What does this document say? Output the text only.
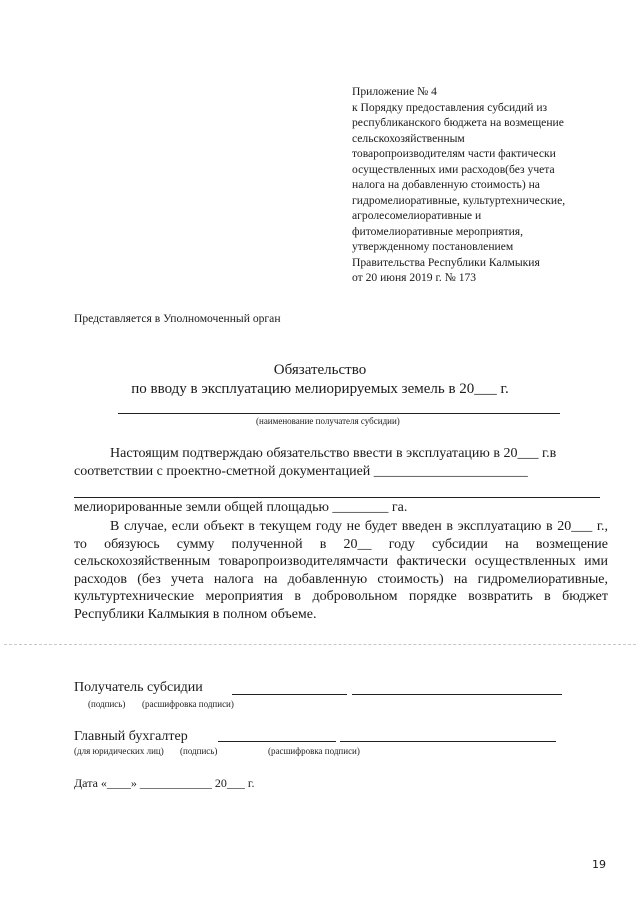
Приложение № 4
к Порядку предоставления субсидий из
республиканского бюджета на возмещение
сельскохозяйственным
товаропроизводителям части фактически
осуществленных ими расходов(без учета
налога на добавленную стоимость) на
гидромелиоративные, культуртехнические,
агролесомелиоративные и
фитомелиоративные мероприятия,
утвержденному постановлением
Правительства Республики Калмыкия
от 20 июня 2019 г. № 173
Представляется в Уполномоченный орган
Обязательство
по вводу в эксплуатацию мелиорируемых земель в 20___ г.
(наименование получателя субсидии)
Настоящим подтверждаю обязательство ввести в эксплуатацию в 20___ г.в
соответствии с проектно-сметной документацией ______________________
мелиорированные земли общей площадью ________ га.
В случае, если объект в текущем году не будет введен в эксплуатацию в 20___ г., то обязуюсь сумму полученной в 20__ году субсидии на возмещение сельскохозяйственным товаропроизводителямчасти фактически осуществленных ими расходов (без учета налога на добавленную стоимость) на гидромелиоративные, культуртехнические мероприятия в добровольном порядке возвратить в бюджет Республики Калмыкия в полном объеме.
Получатель субсидии
(подпись) (расшифровка подписи)
Главный бухгалтер
(для юридических лиц) (подпись)	(расшифровка подписи)
Дата «____» ____________ 20___ г.
19
